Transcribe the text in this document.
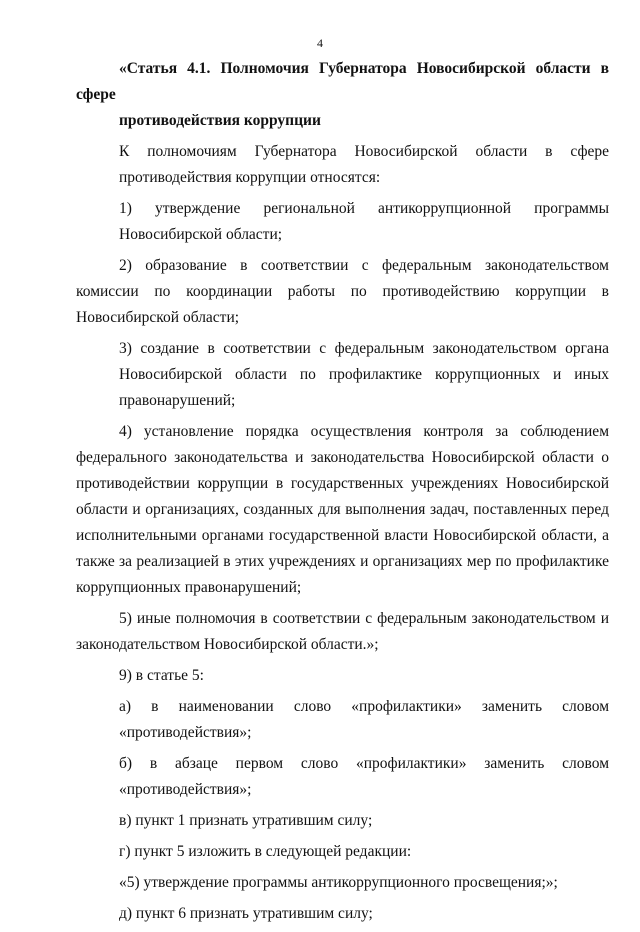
4
«Статья 4.1. Полномочия Губернатора Новосибирской области в сфере
противодействия коррупции
К полномочиям Губернатора Новосибирской области в сфере
противодействия коррупции относятся:
1) утверждение региональной антикоррупционной программы
Новосибирской области;

2) образование в соответствии с федеральным законодательством комиссии по координации работы по противодействию коррупции в Новосибирской области;

3) создание в соответствии с федеральным законодательством органа
Новосибирской области по профилактике коррупционных и иных
правонарушений;

4) установление порядка осуществления контроля за соблюдением федерального законодательства и законодательства Новосибирской области о противодействии коррупции в государственных учреждениях Новосибирской области и организациях, созданных для выполнения задач, поставленных перед исполнительными органами государственной власти Новосибирской области, а также за реализацией в этих учреждениях и организациях мер по профилактике коррупционных правонарушений;

5) иные полномочия в соответствии с федеральным законодательством и законодательством Новосибирской области.»;

9) в статье 5:

а) в наименовании слово «профилактики» заменить словом
«противодействия»;
б) в абзаце первом слово «профилактики» заменить словом
«противодействия»;

в) пункт 1 признать утратившим силу;

г) пункт 5 изложить в следующей редакции:

«5) утверждение программы антикоррупционного просвещения;»;

д) пункт 6 признать утратившим силу;
